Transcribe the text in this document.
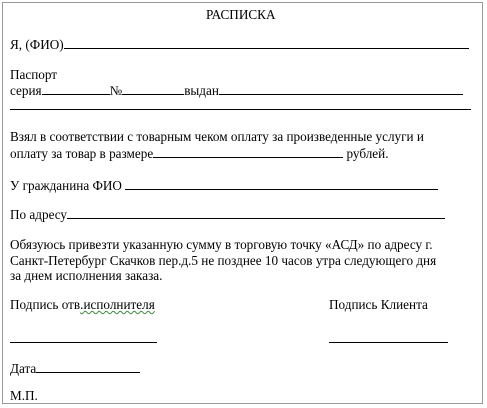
РАСПИСКА
Я, (ФИО)
Паспорт
серия	№	выдан
Взял в соответствии с товарным чеком оплату за произведенные услуги и
оплату за товар в размере	рублей.
У гражданина ФИО
По адресу
Обязуюсь привезти указанную сумму в торговую точку «АСД» по адресу г.
Санкт-Петербург Скачков пер.д.5 не позднее 10 часов утра следующего дня
за днем исполнения заказа.
Подпись отв.исполнителя	Подпись Клиента
Дата
М.П.
